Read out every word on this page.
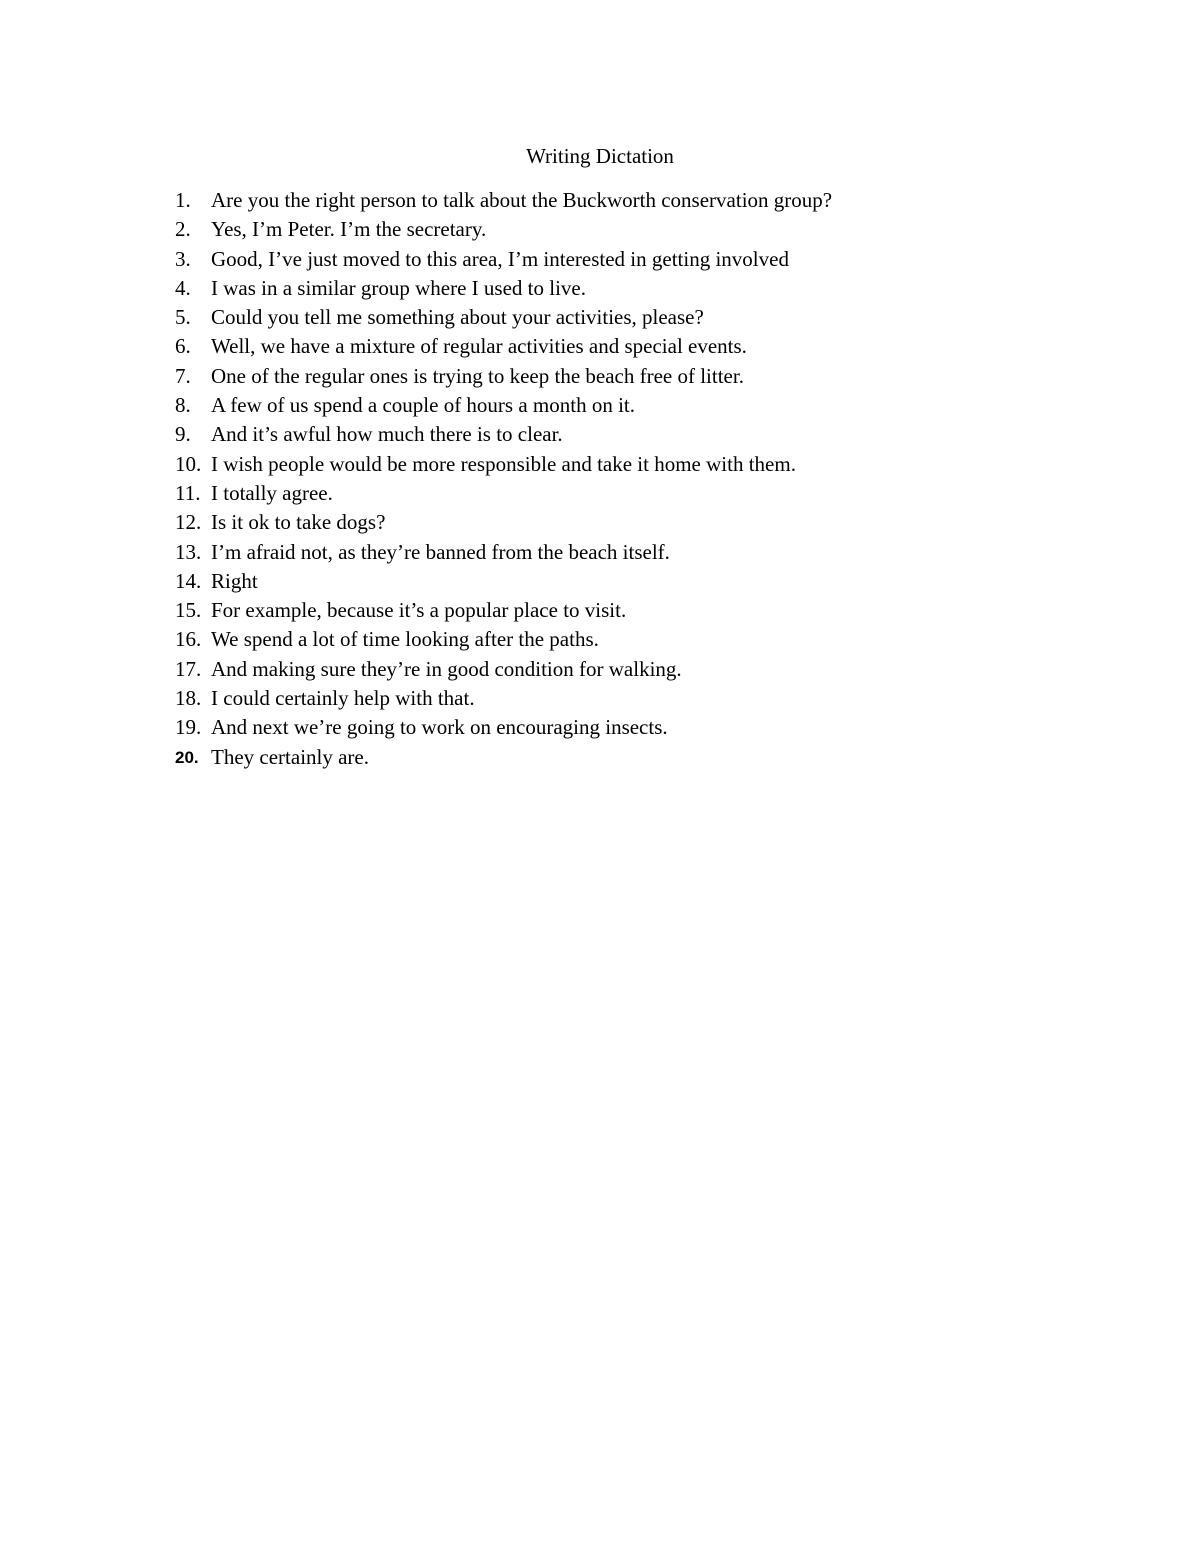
Writing Dictation
1. Are you the right person to talk about the Buckworth conservation group?
2. Yes, I’m Peter. I’m the secretary.
3. Good, I’ve just moved to this area, I’m interested in getting involved
4. I was in a similar group where I used to live.
5. Could you tell me something about your activities, please?
6. Well, we have a mixture of regular activities and special events.
7. One of the regular ones is trying to keep the beach free of litter.
8. A few of us spend a couple of hours a month on it.
9. And it’s awful how much there is to clear.
10. I wish people would be more responsible and take it home with them.
11. I totally agree.
12. Is it ok to take dogs?
13. I’m afraid not, as they’re banned from the beach itself.
14. Right
15. For example, because it’s a popular place to visit.
16. We spend a lot of time looking after the paths.
17. And making sure they’re in good condition for walking.
18. I could certainly help with that.
19. And next we’re going to work on encouraging insects.
20. They certainly are.
